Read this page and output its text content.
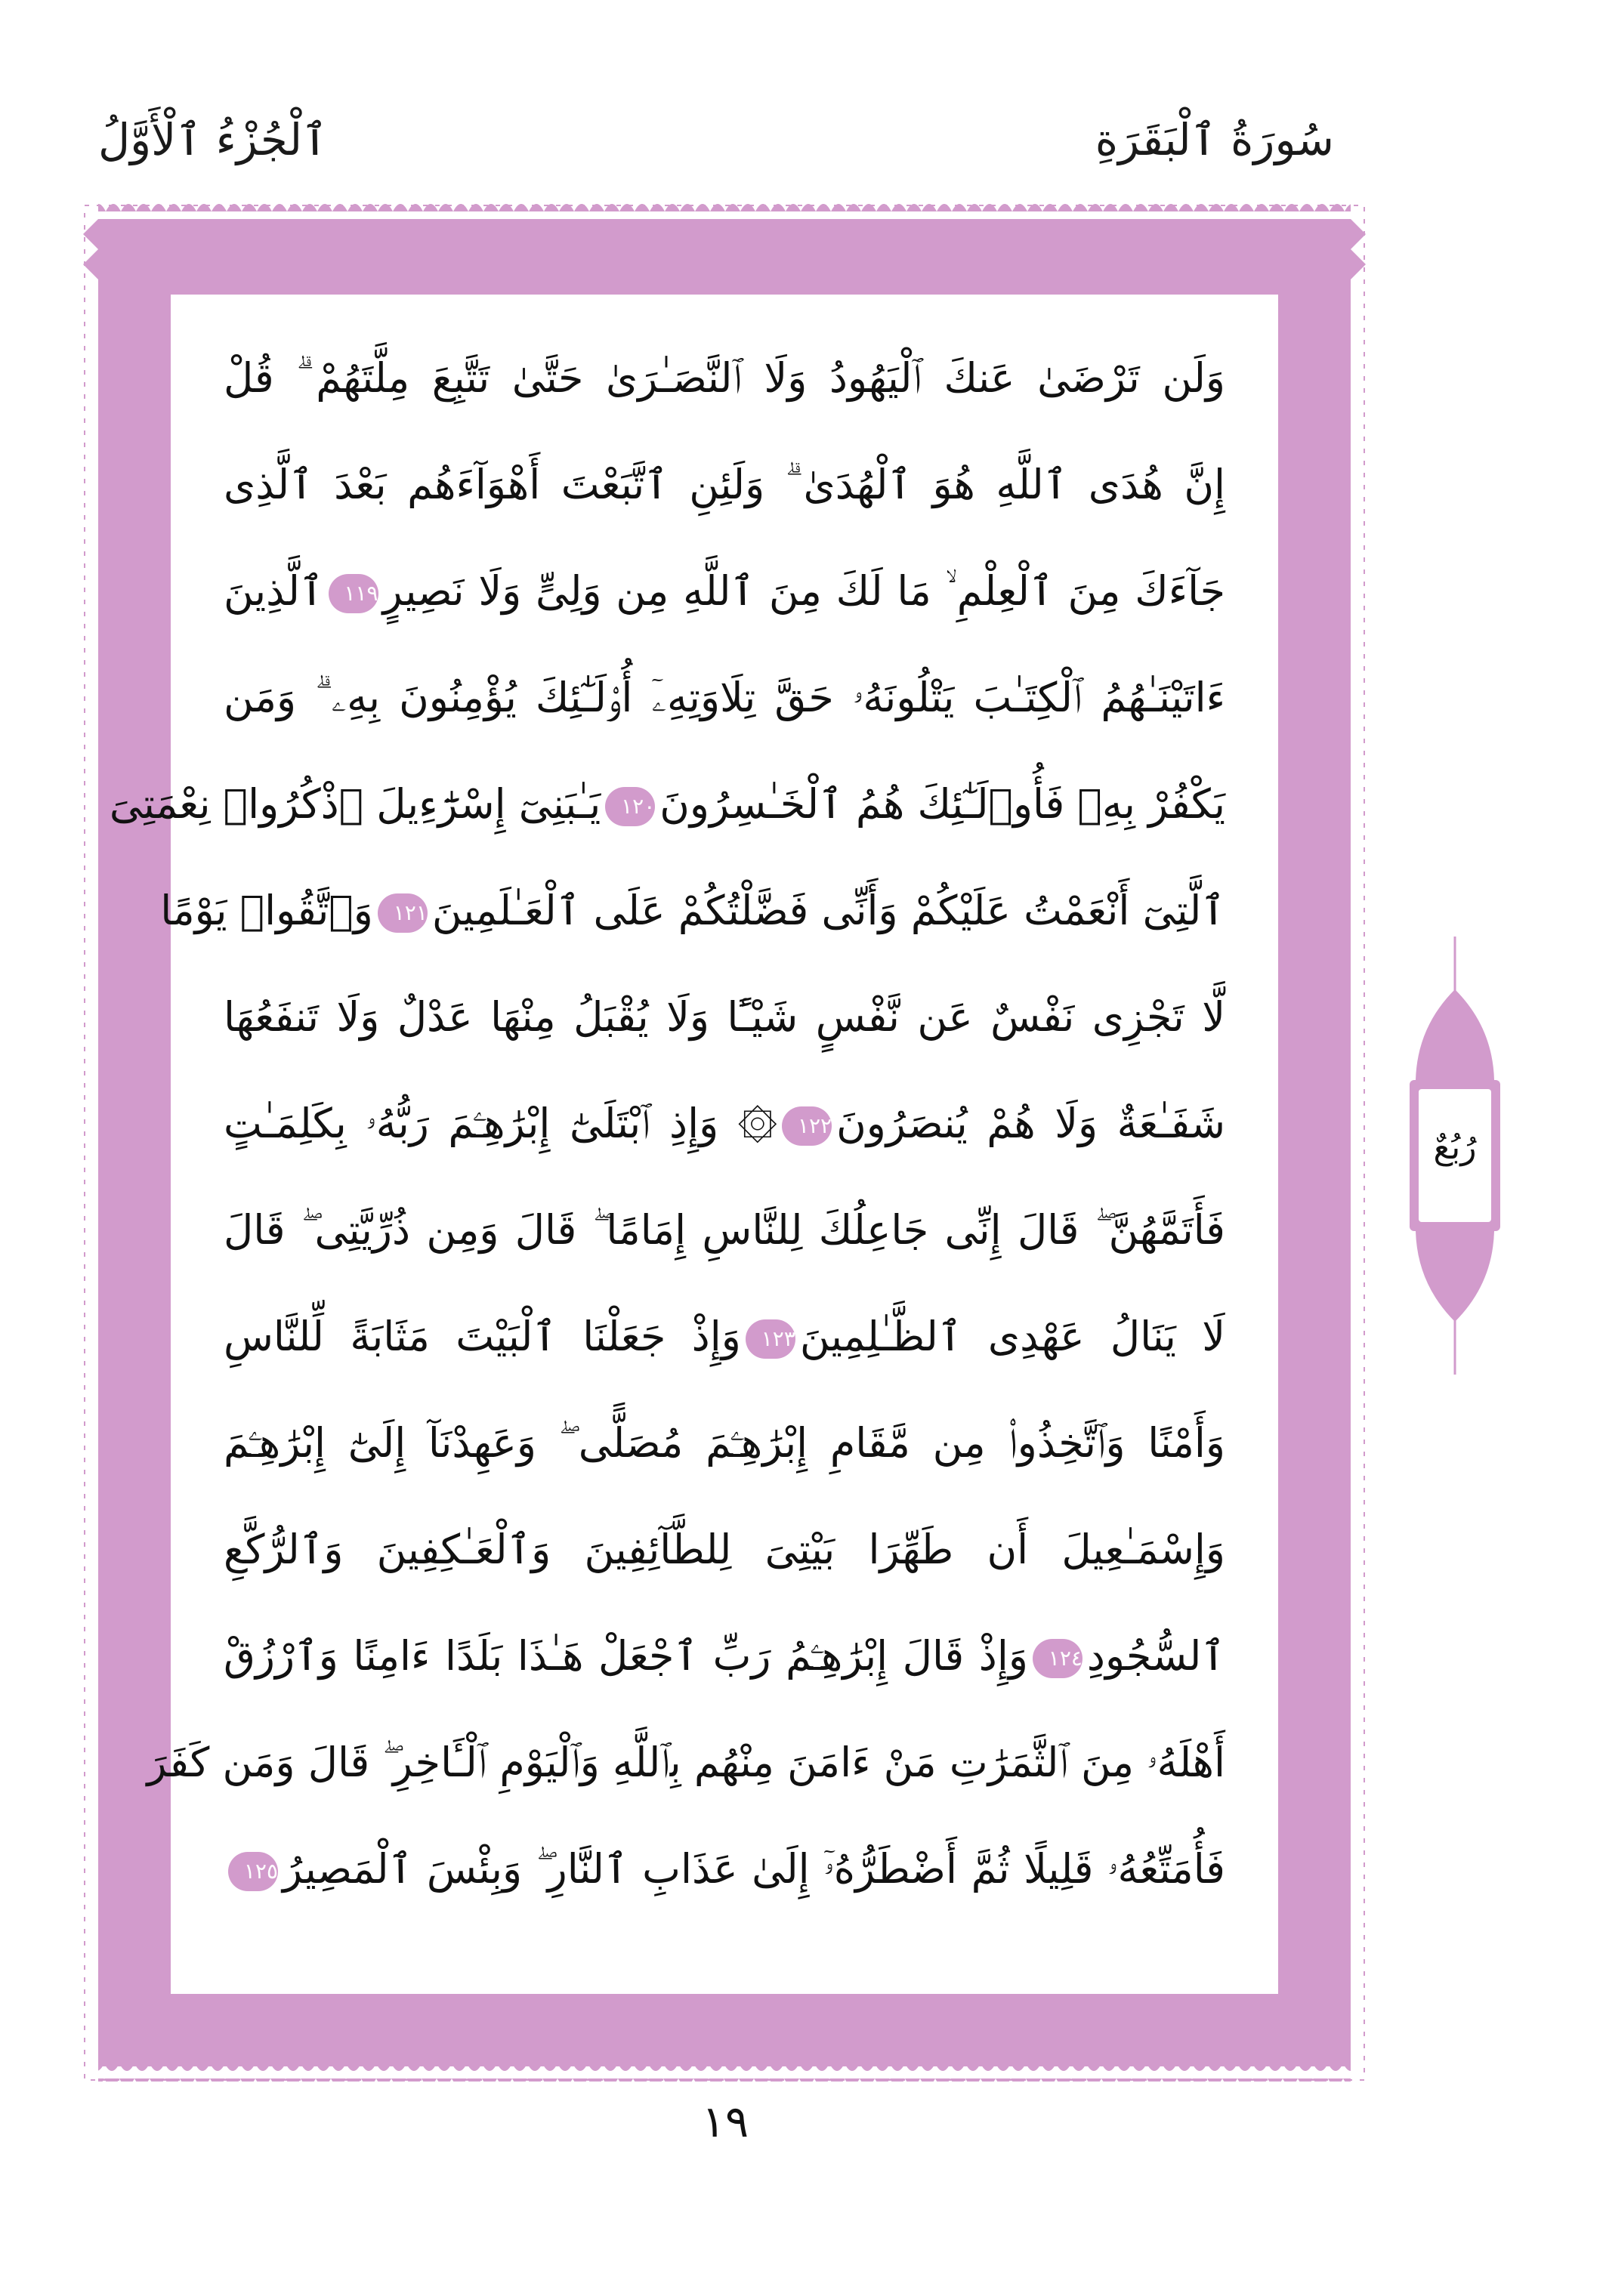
سُورَةُ ٱلْبَقَرَةِ
ٱلْجُزْءُ ٱلْأَوَّلُ
وَلَن تَرْضَىٰ عَنكَ ٱلْيَهُودُ وَلَا ٱلنَّصَـٰرَىٰ حَتَّىٰ تَتَّبِعَ مِلَّتَهُمْ ۗ قُلْ
إِنَّ هُدَى ٱللَّهِ هُوَ ٱلْهُدَىٰ ۗ وَلَئِنِ ٱتَّبَعْتَ أَهْوَآءَهُم بَعْدَ ٱلَّذِى
جَآءَكَ مِنَ ٱلْعِلْمِ ۙ مَا لَكَ مِنَ ٱللَّهِ مِن وَلِىٍّ وَلَا نَصِيرٍ١١٩ٱلَّذِينَ
ءَاتَيْنَـٰهُمُ ٱلْكِتَـٰبَ يَتْلُونَهُۥ حَقَّ تِلَاوَتِهِۦٓ أُو۟لَـٰٓئِكَ يُؤْمِنُونَ بِهِۦ ۗ وَمَن
يَكْفُرْ بِهِۦ فَأُو۟لَـٰٓئِكَ هُمُ ٱلْخَـٰسِرُونَ١٢٠يَـٰبَنِىٓ إِسْرَٰٓءِيلَ ٱذْكُرُوا۟ نِعْمَتِىَ
ٱلَّتِىٓ أَنْعَمْتُ عَلَيْكُمْ وَأَنِّى فَضَّلْتُكُمْ عَلَى ٱلْعَـٰلَمِينَ١٢١وَٱتَّقُوا۟ يَوْمًا
لَّا تَجْزِى نَفْسٌ عَن نَّفْسٍ شَيْـًٔا وَلَا يُقْبَلُ مِنْهَا عَدْلٌ وَلَا تَنفَعُهَا
شَفَـٰعَةٌ وَلَا هُمْ يُنصَرُونَ١٢٢۞ وَإِذِ ٱبْتَلَىٰٓ إِبْرَٰهِـۧمَ رَبُّهُۥ بِكَلِمَـٰتٍ
فَأَتَمَّهُنَّ ۖ قَالَ إِنِّى جَاعِلُكَ لِلنَّاسِ إِمَامًا ۖ قَالَ وَمِن ذُرِّيَّتِى ۖ قَالَ
لَا يَنَالُ عَهْدِى ٱلظَّـٰلِمِينَ١٢٣وَإِذْ جَعَلْنَا ٱلْبَيْتَ مَثَابَةً لِّلنَّاسِ
وَأَمْنًا وَٱتَّخِذُوا۟ مِن مَّقَامِ إِبْرَٰهِـۧمَ مُصَلًّى ۖ وَعَهِدْنَآ إِلَىٰٓ إِبْرَٰهِـۧمَ
وَإِسْمَـٰعِيلَ أَن طَهِّرَا بَيْتِىَ لِلطَّآئِفِينَ وَٱلْعَـٰكِفِينَ وَٱلرُّكَّعِ
ٱلسُّجُودِ١٢٤وَإِذْ قَالَ إِبْرَٰهِـۧمُ رَبِّ ٱجْعَلْ هَـٰذَا بَلَدًا ءَامِنًا وَٱرْزُقْ
أَهْلَهُۥ مِنَ ٱلثَّمَرَٰتِ مَنْ ءَامَنَ مِنْهُم بِٱللَّهِ وَٱلْيَوْمِ ٱلْـَٔاخِرِ ۖ قَالَ وَمَن كَفَرَ
فَأُمَتِّعُهُۥ قَلِيلًا ثُمَّ أَضْطَرُّهُۥٓ إِلَىٰ عَذَابِ ٱلنَّارِ ۖ وَبِئْسَ ٱلْمَصِيرُ١٢٥
رُبُعٌ
١٩
